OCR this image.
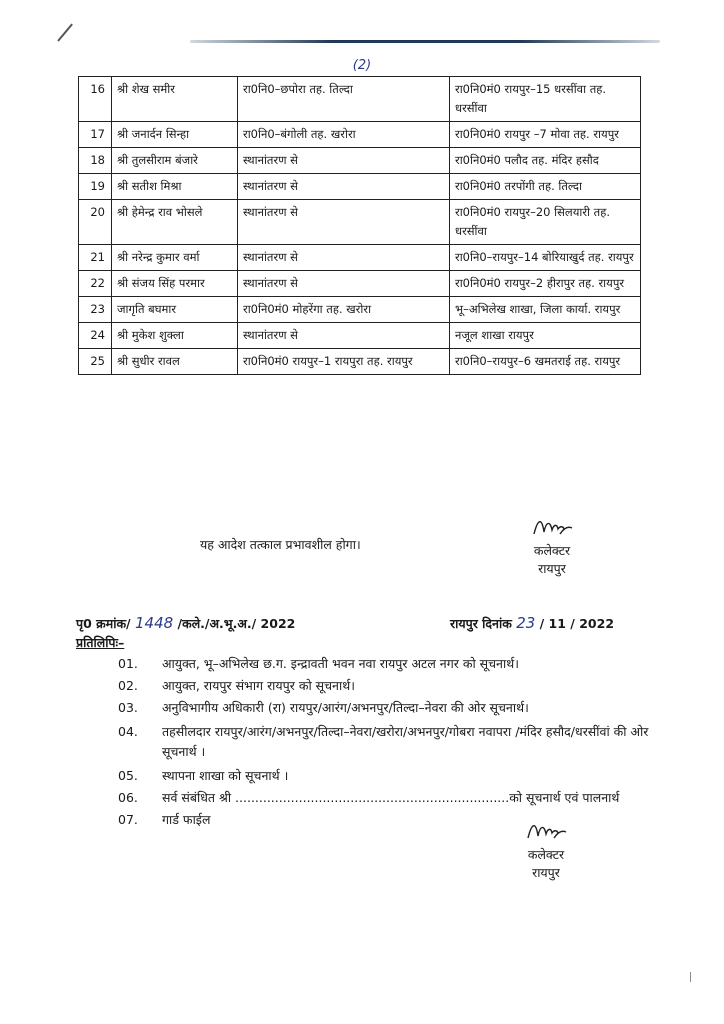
(2)
16	श्री शेख समीर	रा0नि0–छपोरा तह. तिल्दा	रा0नि0मं0 रायपुर–15 धरसींवा तह. धरसींवा
17	श्री जनार्दन सिन्हा	रा0नि0–बंगोली तह. खरोरा	रा0नि0मं0 रायपुर –7 मोवा तह. रायपुर
18	श्री तुलसीराम बंजारे	स्थानांतरण से	रा0नि0मं0 पलौद तह. मंदिर हसौद
19	श्री सतीश मिश्रा	स्थानांतरण से	रा0नि0मं0 तरपोंगी तह. तिल्दा
20	श्री हेमेन्द्र राव भोसले	स्थानांतरण से	रा0नि0मं0 रायपुर–20 सिलयारी तह. धरसींवा
21	श्री नरेन्द्र कुमार वर्मा	स्थानांतरण से	रा0नि0–रायपुर–14 बोरियाखुर्द तह. रायपुर
22	श्री संजय सिंह परमार	स्थानांतरण से	रा0नि0मं0 रायपुर–2 हीरापुर तह. रायपुर
23	जागृति बघमार	रा0नि0मं0 मोहरेंगा तह. खरोरा	भू–अभिलेख शाखा, जिला कार्या. रायपुर
24	श्री मुकेश शुक्ला	स्थानांतरण से	नजूल शाखा रायपुर
25	श्री सुधीर रावल	रा0नि0मं0 रायपुर–1 रायपुरा तह. रायपुर	रा0नि0–रायपुर–6 खमतराई तह. रायपुर
यह आदेश तत्काल प्रभावशील होगा।	कलेक्टर
रायपुर
पृ0 क्रमांक/ 1448 /कले./अ.भू.अ./ 2022	रायपुर दिनांक 23 / 11 / 2022
प्रतिलिपिः–
01.	आयुक्त, भू–अभिलेख छ.ग. इन्द्रावती भवन नवा रायपुर अटल नगर को सूचनार्थ।
02.	आयुक्त, रायपुर संभाग रायपुर को सूचनार्थ।
03.	अनुविभागीय अधिकारी (रा) रायपुर/आरंग/अभनपुर/तिल्दा–नेवरा की ओर सूचनार्थ।
04.	तहसीलदार रायपुर/आरंग/अभनपुर/तिल्दा–नेवरा/खरोरा/अभनपुर/गोबरा नवापरा /मंदिर हसौद/धरसींवां की ओर सूचनार्थ ।
05.	स्थापना शाखा को सूचनार्थ ।
06.	सर्व संबंधित श्री .....................................................................को सूचनार्थ एवं पालनार्थ
07.	गार्ड फाईल
कलेक्टर
रायपुर
